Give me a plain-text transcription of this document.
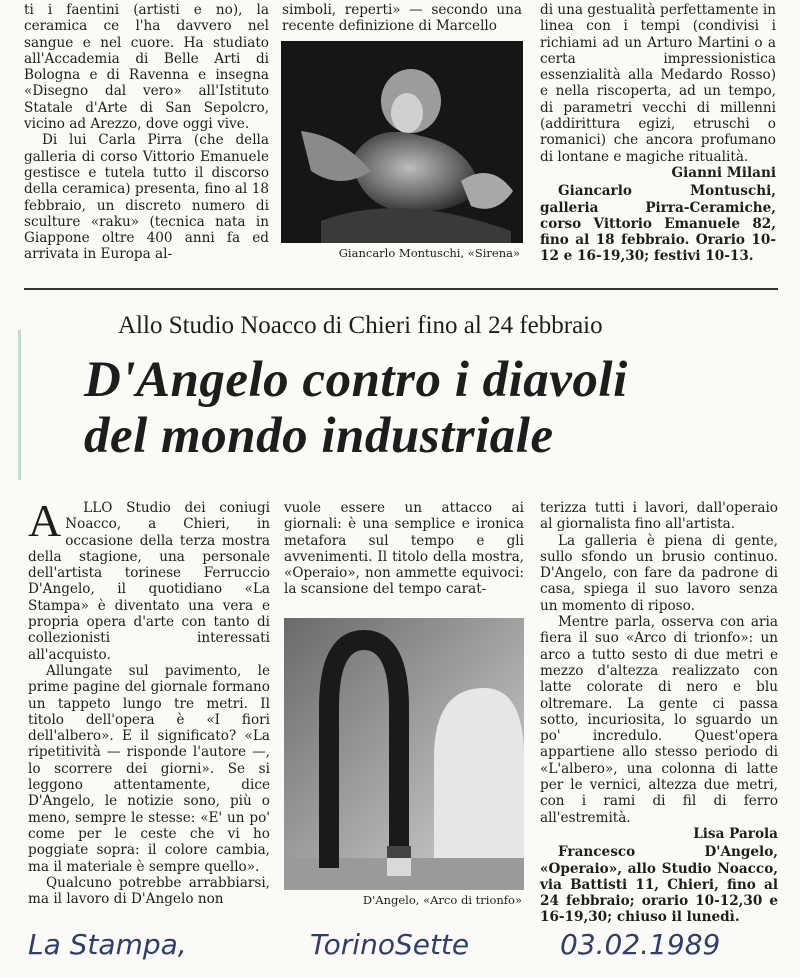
ti i faentini (artisti e no), la ceramica ce l'ha davvero nel sangue e nel cuore. Ha studiato all'Accademia di Belle Arti di Bologna e di Ravenna e insegna «Disegno dal vero» all'Istituto Statale d'Arte di San Sepolcro, vicino ad Arezzo, dove oggi vive.

Di lui Carla Pirra (che della galleria di corso Vittorio Emanuele gestisce e tutela tutto il discorso della ceramica) presenta, fino al 18 febbraio, un discreto numero di sculture «raku» (tecnica nata in Giappone oltre 400 anni fa ed arrivata in Europa al-

simboli, reperti» — secondo una recente definizione di Marcello

Giancarlo Montuschi, «Sirena»

di una gestualità perfettamente in linea con i tempi (condivisi i richiami ad un Arturo Martini o a certa impressionistica essenzialità alla Medardo Rosso) e nella riscoperta, ad un tempo, di parametri vecchi di millenni (addirittura egizi, etruschi o romanici) che ancora profumano di lontane e magiche ritualità.

Gianni Milani

Giancarlo Montuschi, galleria Pirra-Ceramiche, corso Vittorio Emanuele 82, fino al 18 febbraio. Orario 10-12 e 16-19,30; festivi 10-13.

Allo Studio Noacco di Chieri fino al 24 febbraio
D'Angelo contro i diavoli
del mondo industriale

A LLO Studio dei coniugi Noacco, a Chieri, in occasione della terza mostra della stagione, una personale dell'artista torinese Ferruccio D'Angelo, il quotidiano «La Stampa» è diventato una vera e propria opera d'arte con tanto di collezionisti interessati all'acquisto.

Allungate sul pavimento, le prime pagine del giornale formano un tappeto lungo tre metri. Il titolo dell'opera è «I fiori dell'albero». E il significato? «La ripetitività — risponde l'autore —, lo scorrere dei giorni». Se si leggono attentamente, dice D'Angelo, le notizie sono, più o meno, sempre le stesse: «E' un po' come per le ceste che vi ho poggiate sopra: il colore cambia, ma il materiale è sempre quello».

Qualcuno potrebbe arrabbiarsi, ma il lavoro di D'Angelo non

vuole essere un attacco ai giornali: è una semplice e ironica metafora sul tempo e gli avvenimenti. Il titolo della mostra, «Operaio», non ammette equivoci: la scansione del tempo carat-

D'Angelo, «Arco di trionfo»

terizza tutti i lavori, dall'operaio al giornalista fino all'artista.

La galleria è piena di gente, sullo sfondo un brusio continuo. D'Angelo, con fare da padrone di casa, spiega il suo lavoro senza un momento di riposo.

Mentre parla, osserva con aria fiera il suo «Arco di trionfo»: un arco a tutto sesto di due metri e mezzo d'altezza realizzato con latte colorate di nero e blu oltremare. La gente ci passa sotto, incuriosita, lo sguardo un po' incredulo. Quest'opera appartiene allo stesso periodo di «L'albero», una colonna di latte per le vernici, altezza due metri, con i rami di fil di ferro all'estremità.

Lisa Parola

Francesco D'Angelo, «Operaio», allo Studio Noacco, via Battisti 11, Chieri, fino al 24 febbraio; orario 10-12,30 e 16-19,30; chiuso il lunedì.

La Stampa,	TorinoSette	03.02.1989
